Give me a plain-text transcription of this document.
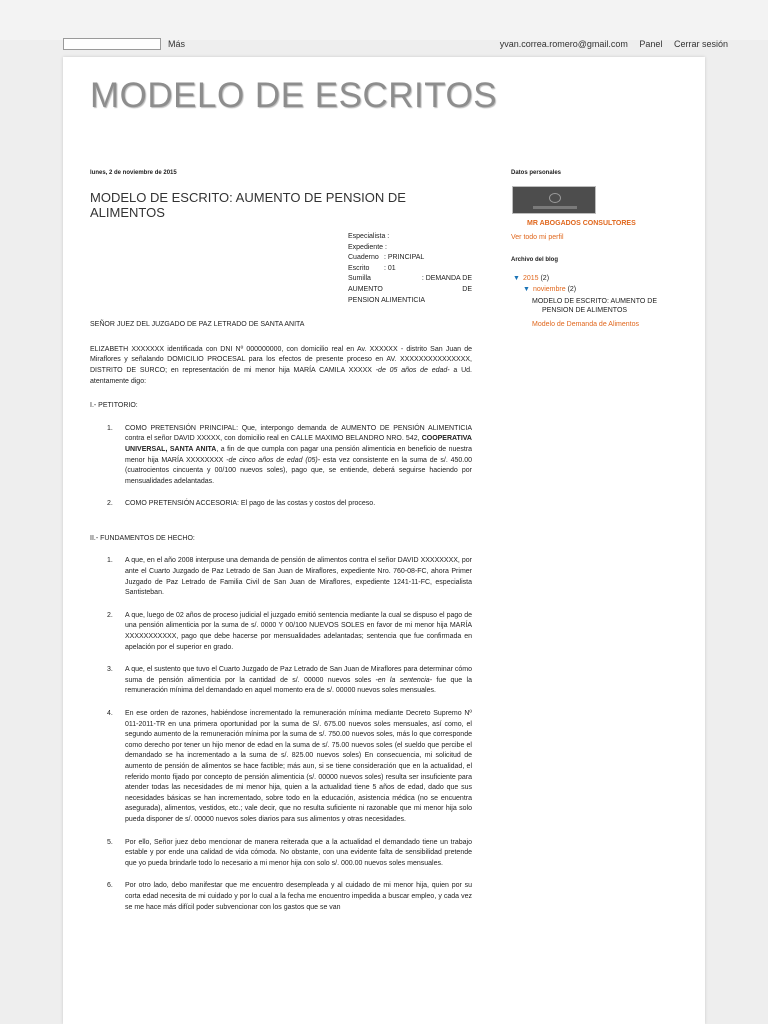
Más	yvan.correa.romero@gmail.com Panel Cerrar sesión
MODELO DE ESCRITOS
lunes, 2 de noviembre de 2015
MODELO DE ESCRITO: AUMENTO DE PENSION DE ALIMENTOS
Especialista :
Expediente :
Cuaderno : PRINCIPAL
Escrito	: 01
Sumilla	: DEMANDA DE
AUMENTO	DE
PENSION ALIMENTICIA
SEÑOR JUEZ DEL JUZGADO DE PAZ LETRADO DE SANTA ANITA
ELIZABETH XXXXXXX identificada con DNI Nº 000000000, con domicilio real en Av. XXXXXX - distrito San Juan de Miraflores y señalando DOMICILIO PROCESAL para los efectos de presente proceso en AV. XXXXXXXXXXXXXXX, DISTRITO DE SURCO; en representación de mi menor hija MARÍA CAMILA XXXXX -de 05 años de edad- a Ud. atentamente digo:
I.- PETITORIO:
1. COMO PRETENSIÓN PRINCIPAL: Que, interpongo demanda de AUMENTO DE PENSIÓN ALIMENTICIA contra el señor DAVID XXXXX, con domicilio real en CALLE MAXIMO BELANDRO NRO. 542, COOPERATIVA UNIVERSAL, SANTA ANITA, a fin de que cumpla con pagar una pensión alimenticia en beneficio de nuestra menor hija MARÍA XXXXXXXX -de cinco años de edad (05)- esta vez consistente en la suma de s/. 450.00 (cuatrocientos cincuenta y 00/100 nuevos soles), pago que, se entiende, deberá seguirse haciendo por mensualidades adelantadas.
2. COMO PRETENSIÓN ACCESORIA: El pago de las costas y costos del proceso.
II.- FUNDAMENTOS DE HECHO:
1. A que, en el año 2008 interpuse una demanda de pensión de alimentos contra el señor DAVID XXXXXXXX, por ante el Cuarto Juzgado de Paz Letrado de San Juan de Miraflores, expediente Nro. 760-08-FC, ahora Primer Juzgado de Paz Letrado de Familia Civil de San Juan de Miraflores, expediente 1241-11-FC, especialista Santisteban.
2. A que, luego de 02 años de proceso judicial el juzgado emitió sentencia mediante la cual se dispuso el pago de una pensión alimenticia por la suma de s/. 0000 Y 00/100 NUEVOS SOLES en favor de mi menor hija MARÍA XXXXXXXXXXX, pago que debe hacerse por mensualidades adelantadas; sentencia que fue confirmada en apelación por el superior en grado.
3. A que, el sustento que tuvo el Cuarto Juzgado de Paz Letrado de San Juan de Miraflores para determinar cómo suma de pensión alimenticia por la cantidad de s/. 00000 nuevos soles -en la sentencia- fue que la remuneración mínima del demandado en aquel momento era de s/. 00000 nuevos soles mensuales.
4. En ese orden de razones, habiéndose incrementado la remuneración mínima mediante Decreto Supremo Nº 011-2011-TR en una primera oportunidad por la suma de S/. 675.00 nuevos soles mensuales, así como, el segundo aumento de la remuneración mínima por la suma de s/. 750.00 nuevos soles, más lo que corresponde como derecho por tener un hijo menor de edad en la suma de s/. 75.00 nuevos soles (el sueldo que percibe el demandado se ha incrementado a la suma de s/. 825.00 nuevos soles) En consecuencia, mi solicitud de aumento de pensión de alimentos se hace factible; más aun, si se tiene consideración que en la actualidad, el referido monto fijado por concepto de pensión alimenticia (s/. 00000 nuevos soles) resulta ser insuficiente para atender todas las necesidades de mi menor hija, quien a la actualidad tiene 5 años de edad, dado que sus necesidades básicas se han incrementado, sobre todo en la educación, asistencia médica (no se encuentra asegurada), alimentos, vestidos, etc.; vale decir, que no resulta suficiente ni razonable que mi menor hija solo pueda disponer de s/. 00000 nuevos soles diarios para sus alimentos y otras necesidades.
5. Por ello, Señor juez debo mencionar de manera reiterada que a la actualidad el demandado tiene un trabajo estable y por ende una calidad de vida cómoda. No obstante, con una evidente falta de sensibilidad pretende que yo pueda brindarle todo lo necesario a mi menor hija con solo s/. 000.00 nuevos soles mensuales.
6. Por otro lado, debo manifestar que me encuentro desempleada y al cuidado de mi menor hija, quien por su corta edad necesita de mi cuidado y por lo cual a la fecha me encuentro impedida a buscar empleo, y cada vez se me hace más difícil poder subvencionar con los gastos que se van
Datos personales
MR ABOGADOS CONSULTORES
Ver todo mi perfil
Archivo del blog
▼ 2015 (2)
▼ noviembre (2)
MODELO DE ESCRITO: AUMENTO DE
PENSION DE ALIMENTOS
Modelo de Demanda de Alimentos
